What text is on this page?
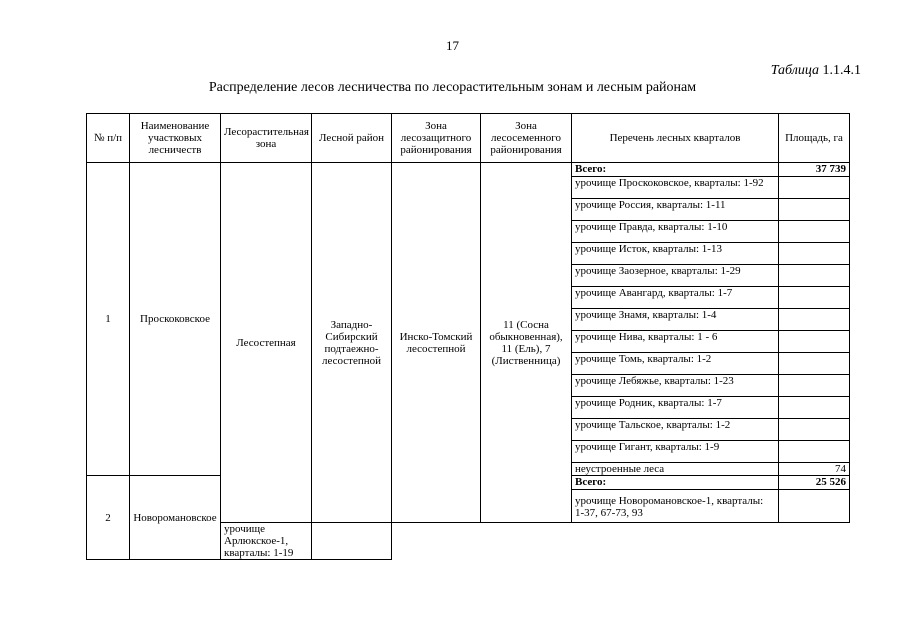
17
Таблица 1.1.4.1
Распределение лесов лесничества по лесорастительным зонам и лесным районам
№ п/п	Наименование участковых лесничеств	Лесорастительная зона	Лесной район	Зона лесозащитного районирования	Зона лесосеменного районирования	Перечень лесных кварталов	Площадь, га
1	Проскоковское	Лесостепная	Западно-Сибирский подтаежно-лесостепной	Инско-Томский лесостепной	11 (Сосна обыкновенная), 11 (Ель), 7 (Лиственница)	Всего:	37 739
						урочище Проскоковское, кварталы: 1-92	
						урочище Россия, кварталы: 1-11	
						урочище Правда, кварталы: 1-10	
						урочище Исток, кварталы: 1-13	
						урочище Заозерное, кварталы: 1-29	
						урочище Авангард, кварталы: 1-7	
						урочище Знамя, кварталы: 1-4	
						урочище Нива, кварталы: 1 - 6	
						урочище Томь, кварталы: 1-2	
						урочище Лебяжье, кварталы: 1-23	
						урочище Родник, кварталы: 1-7	
						урочище Тальское, кварталы: 1-2	
						урочище Гигант, кварталы: 1-9	
						неустроенные леса	74
2	Новоромановское					Всего:	25 526
						урочище Новоромановское-1, кварталы: 1-37, 67-73, 93	
		урочище Арлюкское-1, кварталы: 1-19					
